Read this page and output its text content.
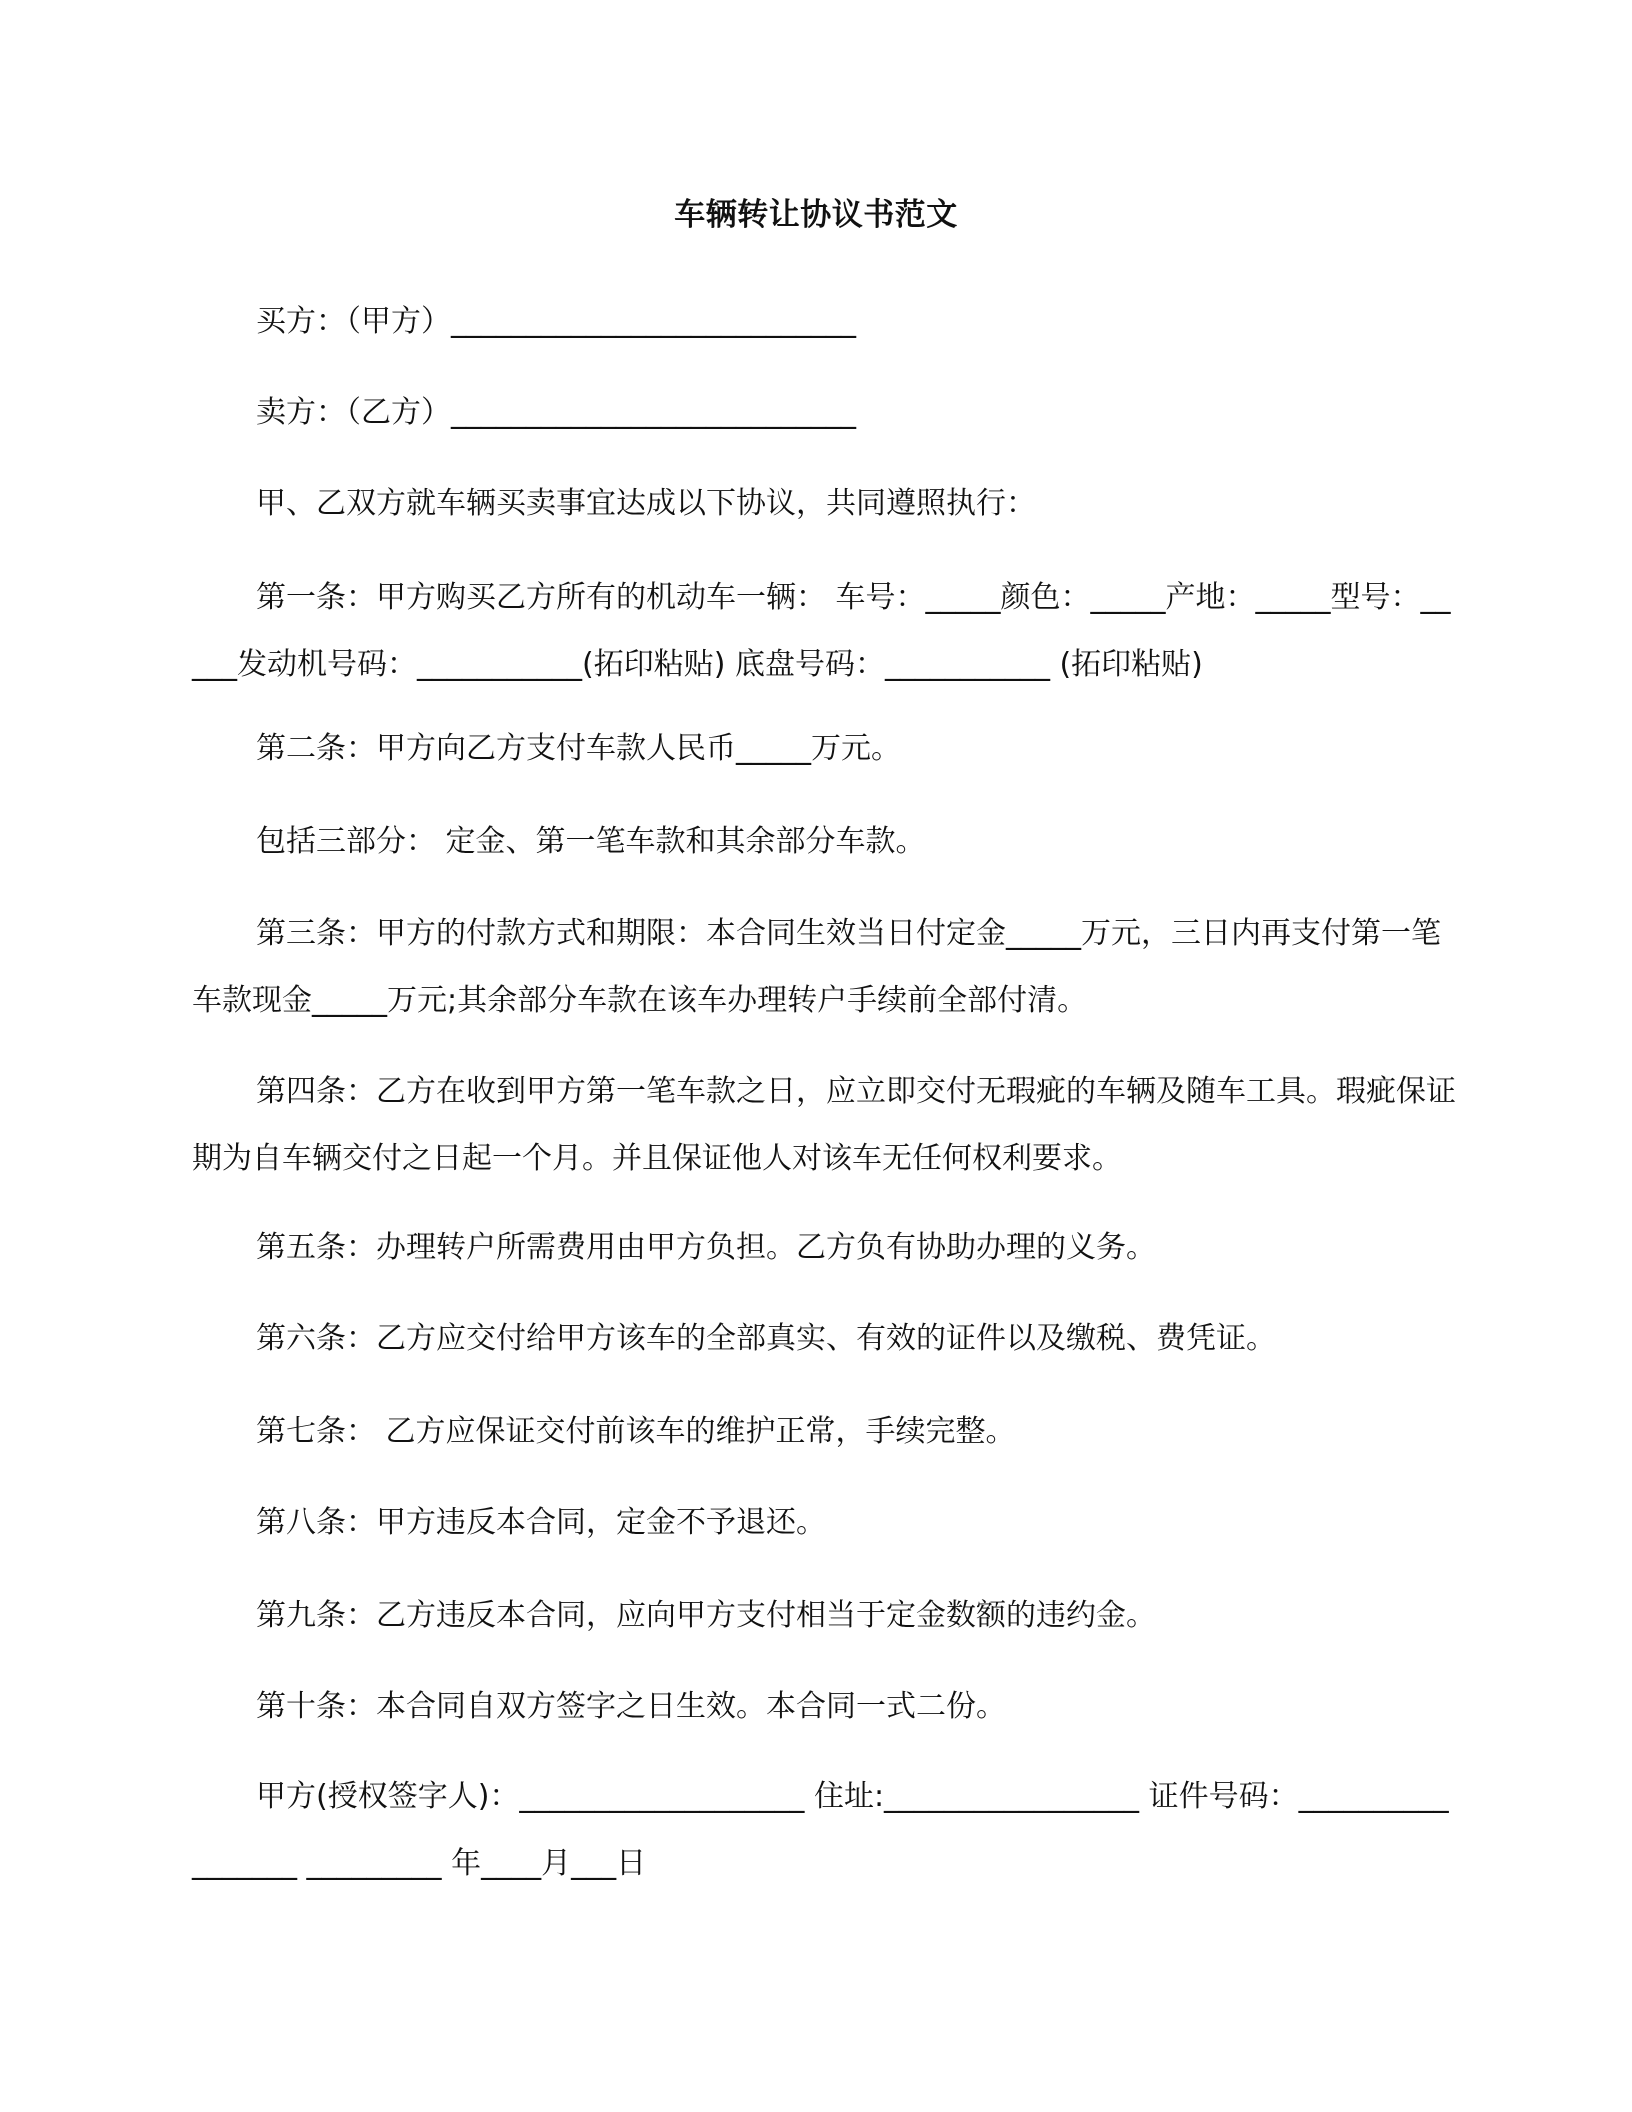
车辆转让协议书范文
买方：（甲方）___________________________
卖方：（乙方）___________________________
甲、乙双方就车辆买卖事宜达成以下协议，共同遵照执行：
第一条：甲方购买乙方所有的机动车一辆： 车号：_____颜色：_____产地：_____型号：_____发动机号码：___________(拓印粘贴) 底盘号码：___________ (拓印粘贴)
第二条：甲方向乙方支付车款人民币_____万元。
包括三部分： 定金、第一笔车款和其余部分车款。
第三条：甲方的付款方式和期限：本合同生效当日付定金_____万元，三日内再支付第一笔车款现金_____万元;其余部分车款在该车办理转户手续前全部付清。
第四条：乙方在收到甲方第一笔车款之日，应立即交付无瑕疵的车辆及随车工具。瑕疵保证期为自车辆交付之日起一个月。并且保证他人对该车无任何权利要求。
第五条：办理转户所需费用由甲方负担。乙方负有协助办理的义务。
第六条：乙方应交付给甲方该车的全部真实、有效的证件以及缴税、费凭证。
第七条： 乙方应保证交付前该车的维护正常，手续完整。
第八条：甲方违反本合同，定金不予退还。
第九条：乙方违反本合同，应向甲方支付相当于定金数额的违约金。
第十条：本合同自双方签字之日生效。本合同一式二份。
甲方(授权签字人)：___________________ 住址:_________________ 证件号码：_________________ _________ 年____月___日
